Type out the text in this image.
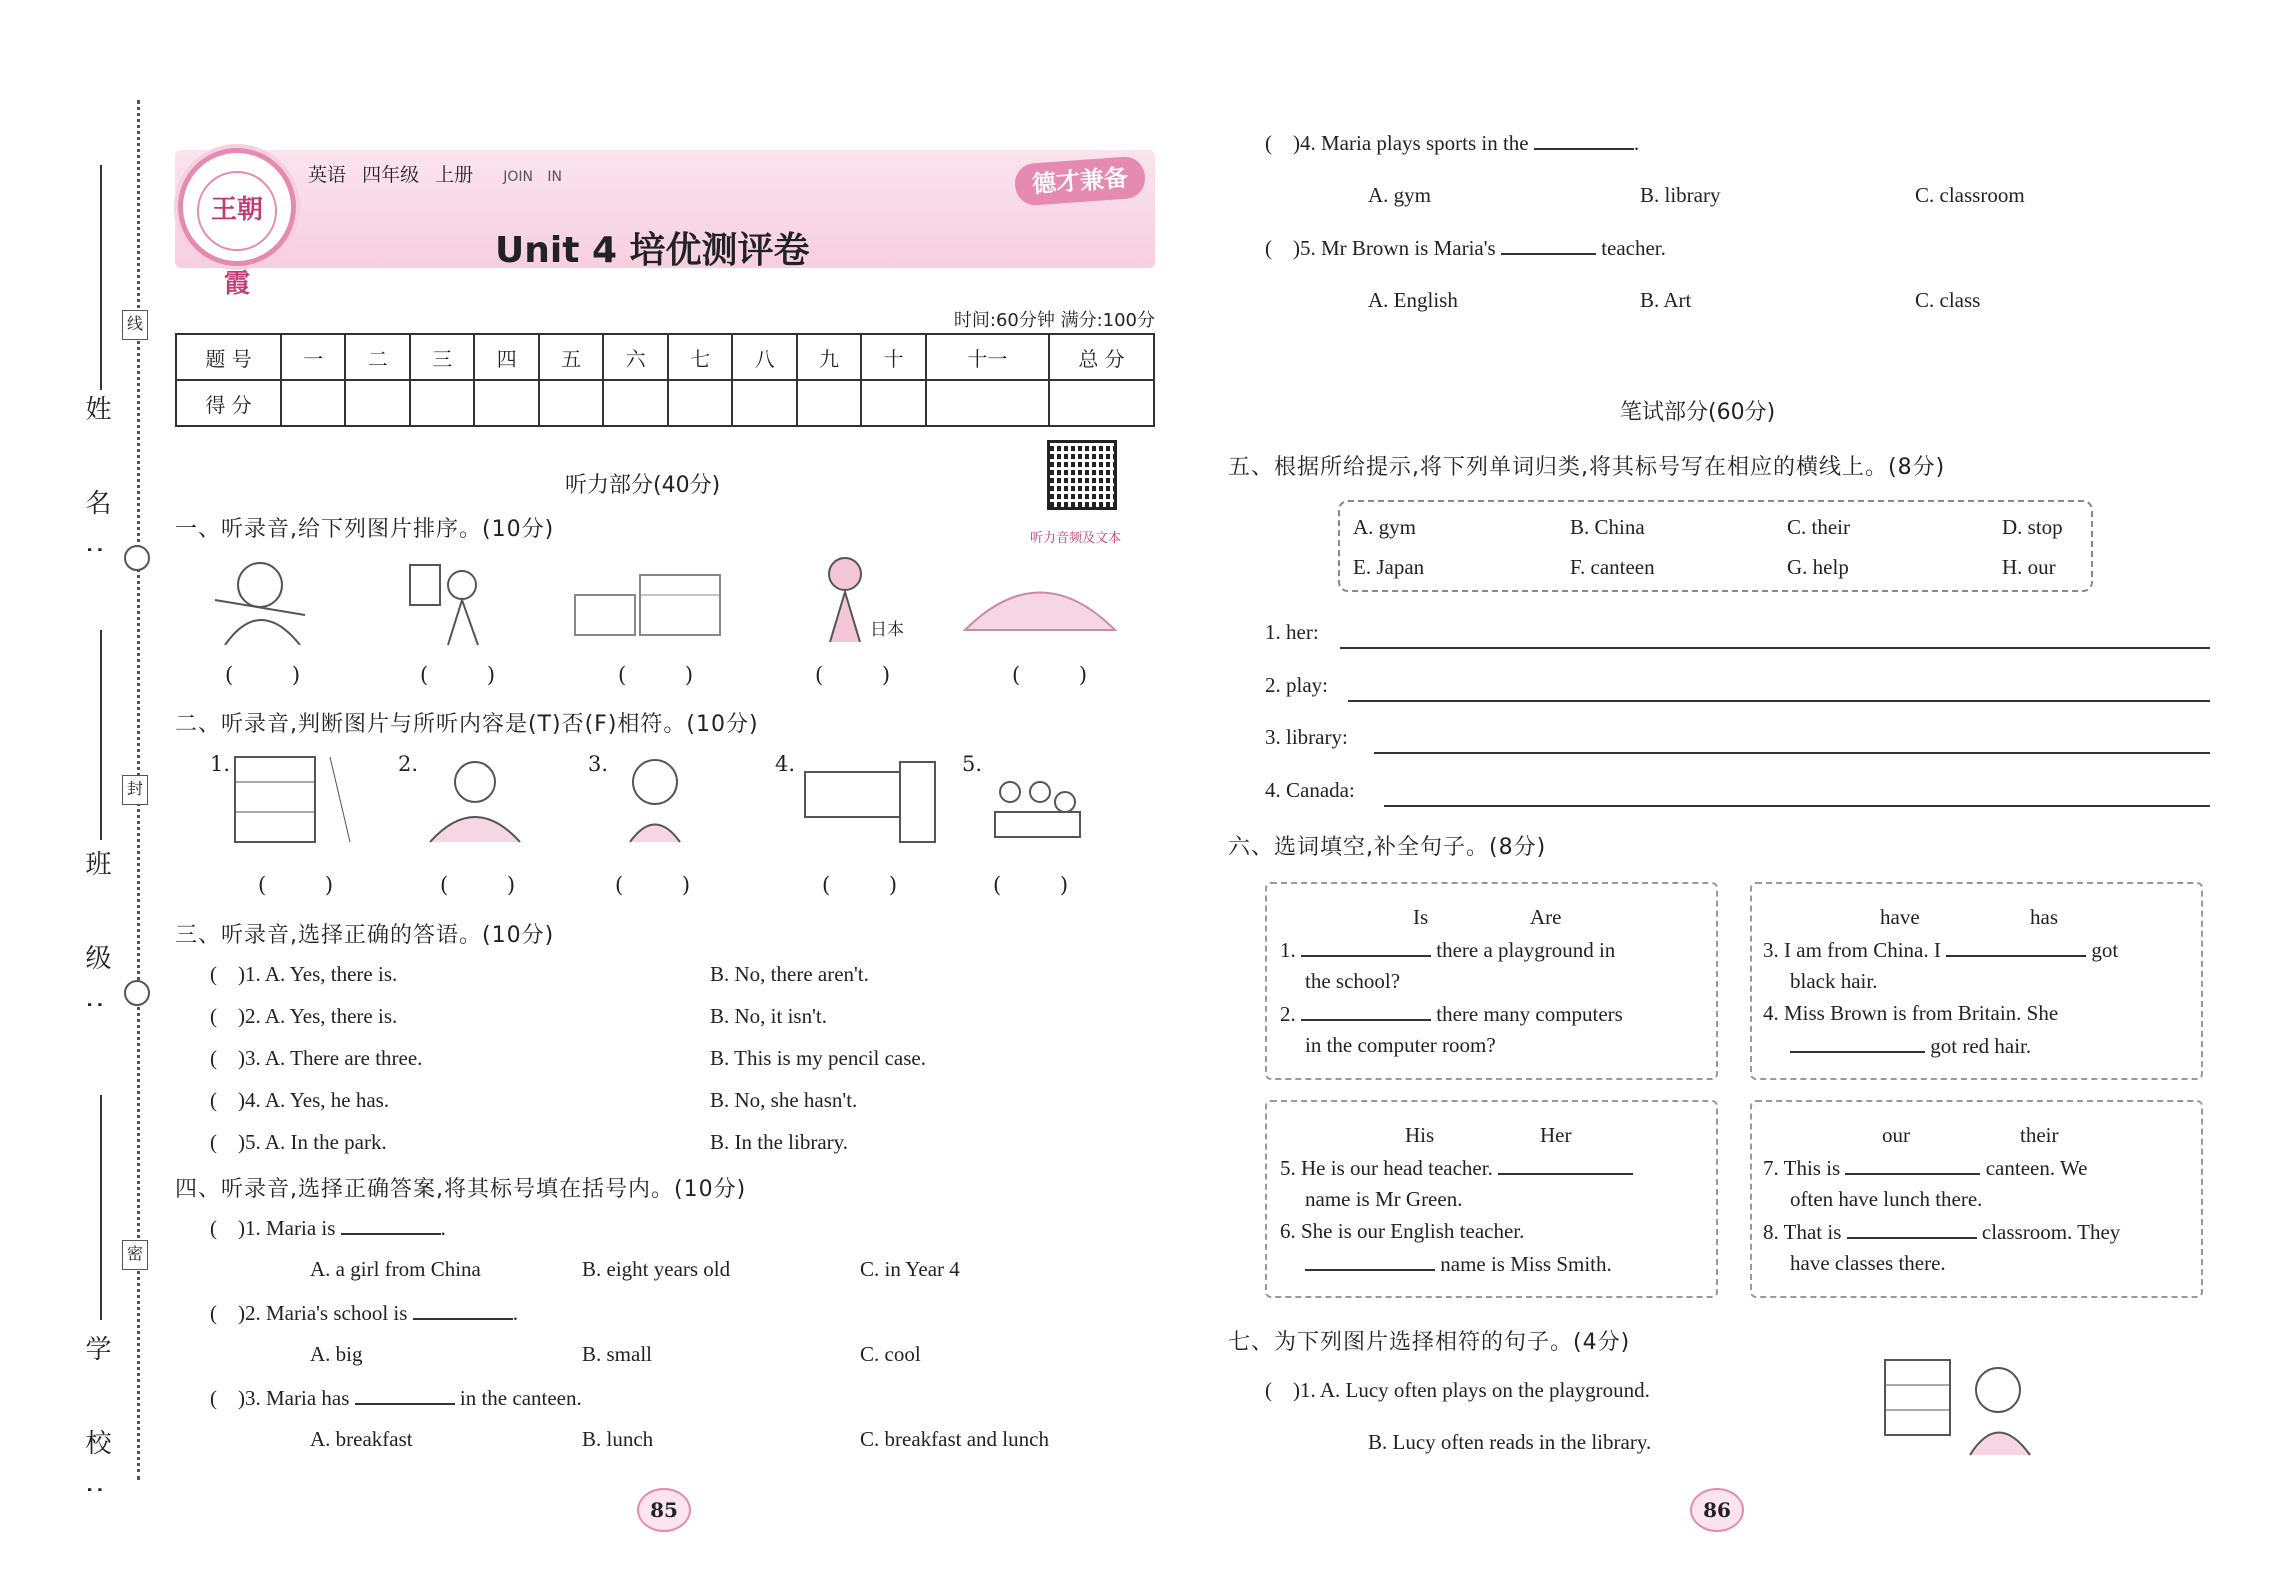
姓 名:
线
班 级:
封
学 校:
密
王朝霞
英语 四年级 上册 JOIN IN
Unit 4 培优测评卷
德才兼备
时间:60分钟 满分:100分
题 号	一	二	三	四	五	六	七	八	九	十	十一	总 分
得 分												
听力部分(40分)
听力音频及文本
一、听录音,给下列图片排序。(10分)
日本
( )	( )	( )	( )	( )
二、听录音,判断图片与所听内容是(T)否(F)相符。(10分)
1.	2.	3.	4.	5.
( )	( )	( )	( )	( )
三、听录音,选择正确的答语。(10分)
(    )1. A. Yes, there is.	B. No, there aren't.
(    )2. A. Yes, there is.	B. No, it isn't.
(    )3. A. There are three.	B. This is my pencil case.
(    )4. A. Yes, he has.	B. No, she hasn't.
(    )5. A. In the park.	B. In the library.
四、听录音,选择正确答案,将其标号填在括号内。(10分)
(    )1. Maria is	.
A. a girl from China	B. eight years old	C. in Year 4
(    )2. Maria's school is	.
A. big	B. small	C. cool
(    )3. Maria has	in the canteen.
A. breakfast	B. lunch	C. breakfast and lunch
85
(    )4. Maria plays sports in the	.
A. gym	B. library	C. classroom
(    )5. Mr Brown is Maria's	teacher.
A. English	B. Art	C. class
笔试部分(60分)
五、根据所给提示,将下列单词归类,将其标号写在相应的横线上。(8分)
A. gym	B. China	C. their	D. stop
E. Japan	F. canteen	G. help	H. our
1. her:
2. play:
3. library:
4. Canada:
六、选词填空,补全句子。(8分)
Is	Are
1.	there a playground in
the school?
2.	there many computers
in the computer room?
have	has
3. I am from China. I	got
black hair.
4. Miss Brown is from Britain. She
got red hair.
His	Her
5. He is our head teacher.
name is Mr Green.
6. She is our English teacher.
name is Miss Smith.
our	their
7. This is	canteen. We
often have lunch there.
8. That is	classroom. They
have classes there.
七、为下列图片选择相符的句子。(4分)
(    )1. A. Lucy often plays on the playground.
B. Lucy often reads in the library.
86
